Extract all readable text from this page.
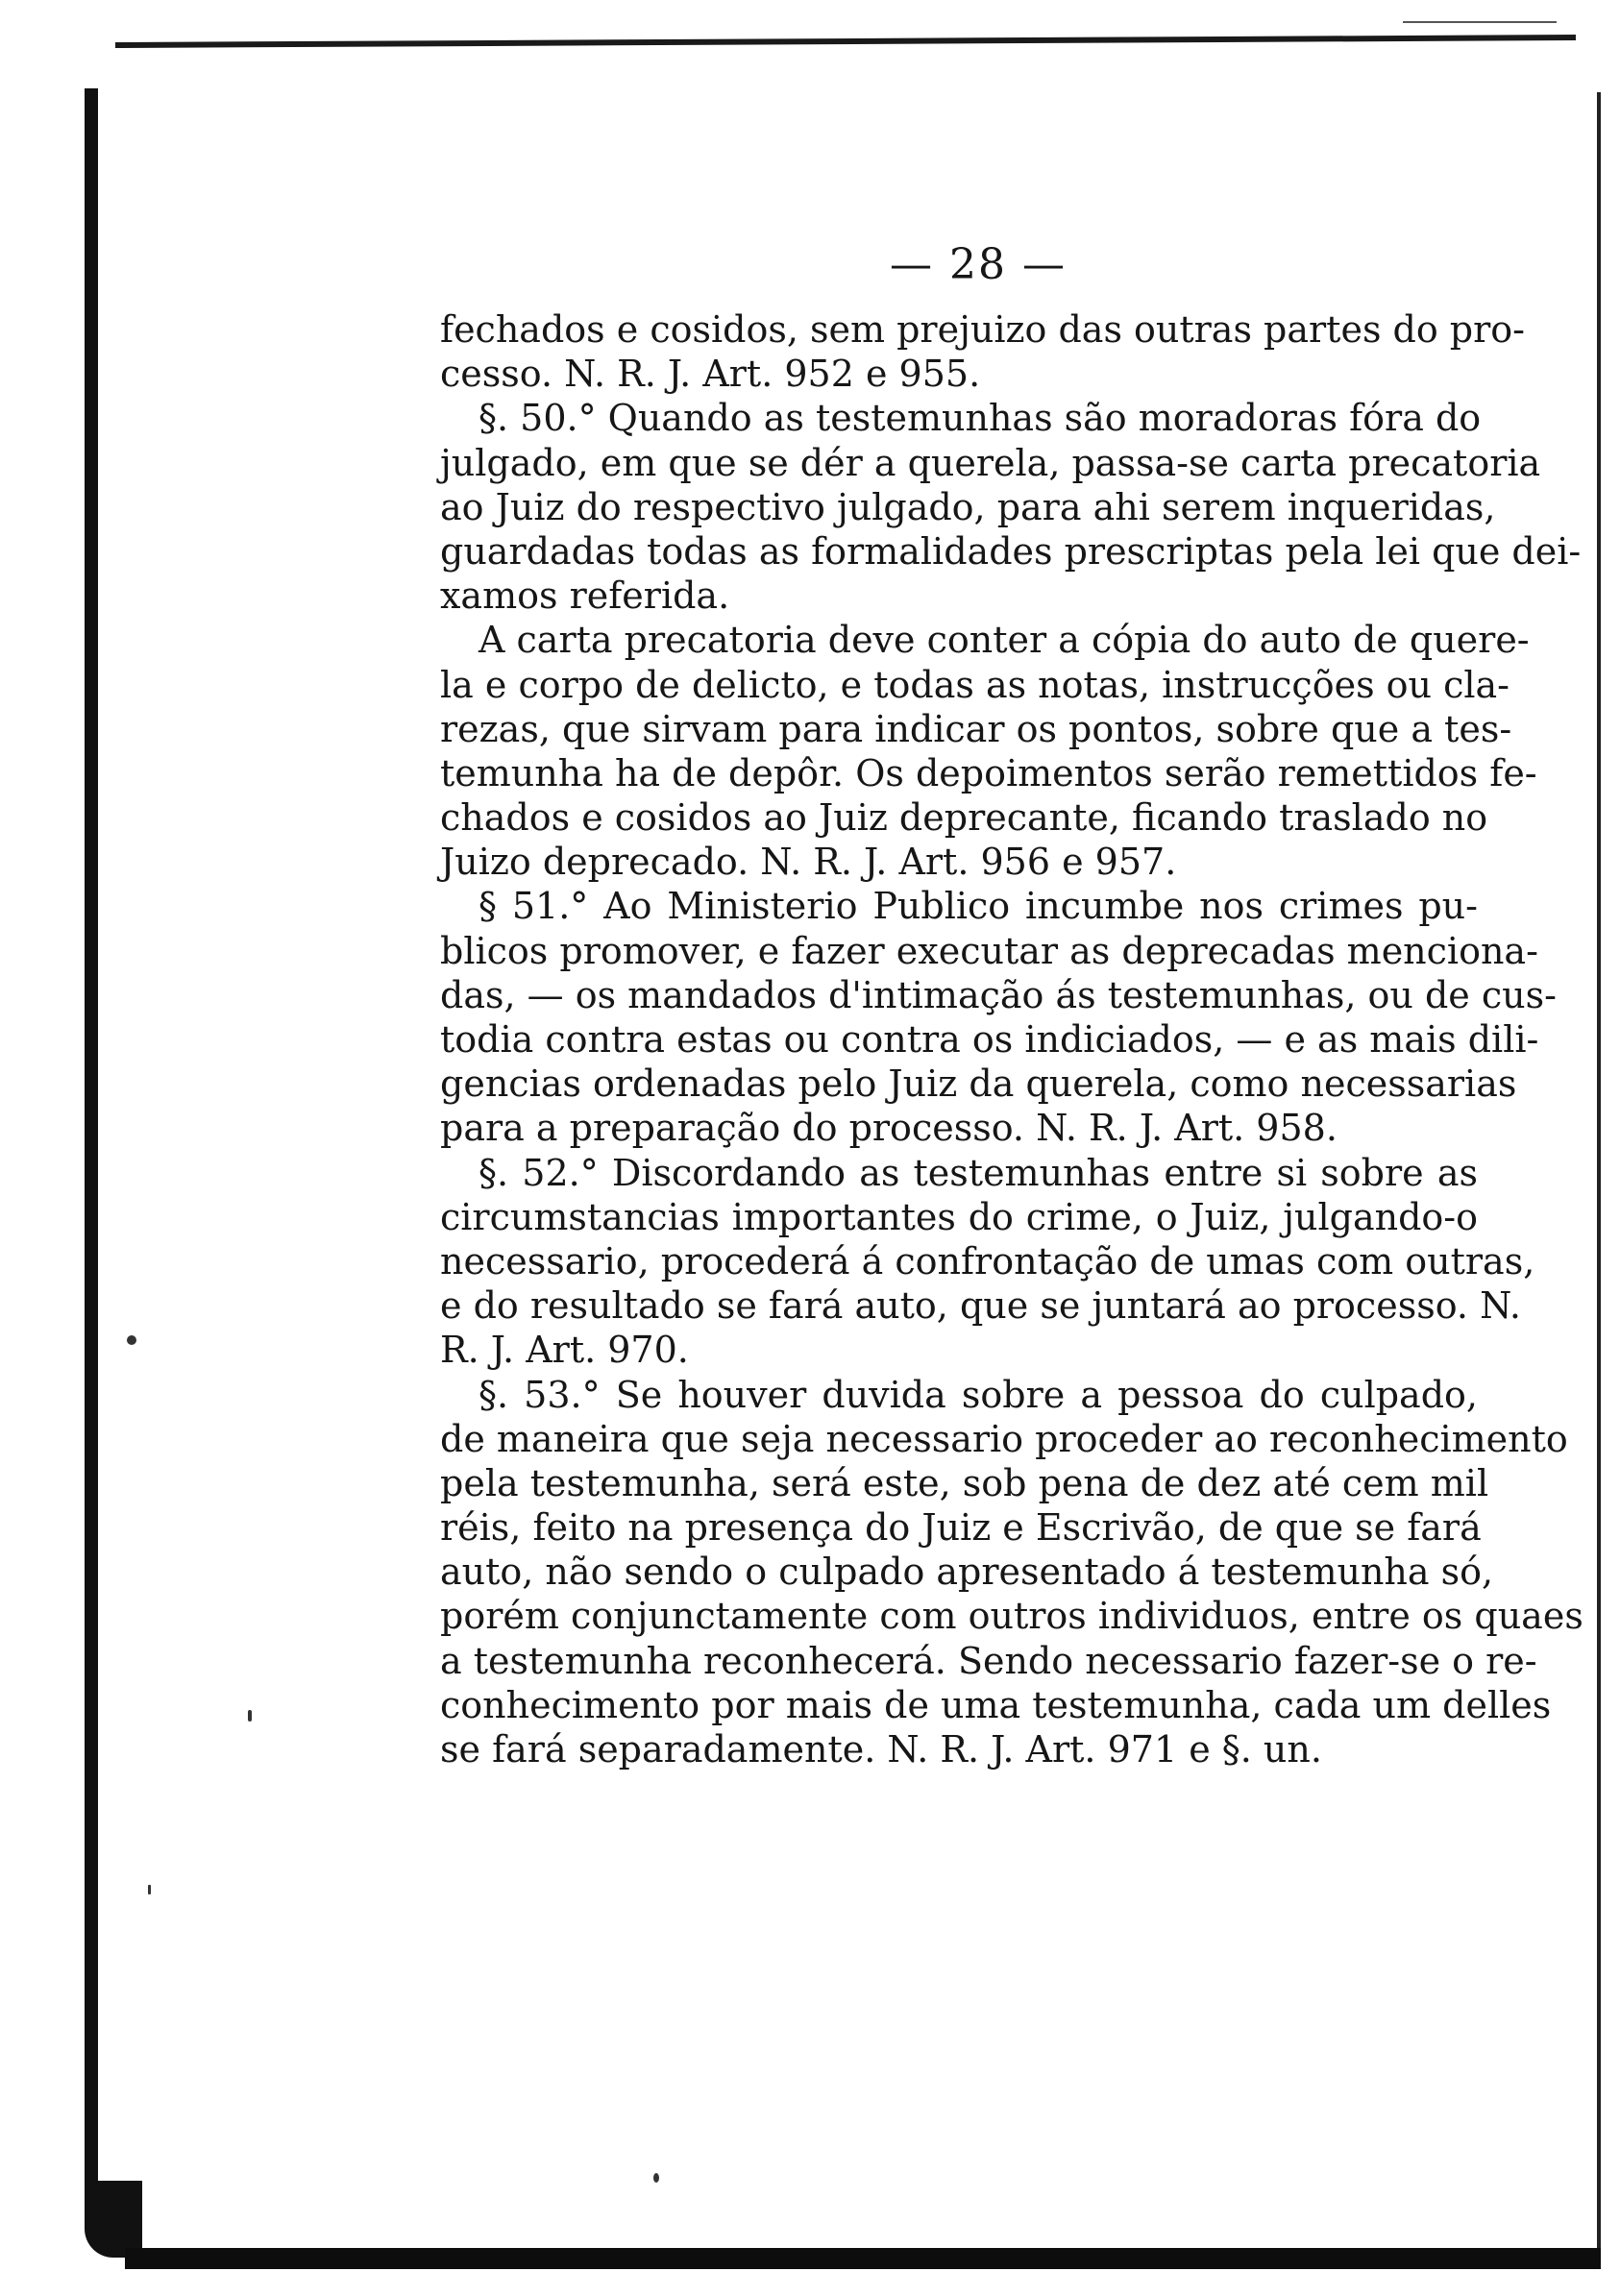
— 28 —
fechados e cosidos, sem prejuizo das outras partes do pro-
cesso. N. R. J. Art. 952 e 955.
§. 50.° Quando as testemunhas são moradoras fóra do
julgado, em que se dér a querela, passa-se carta precatoria
ao Juiz do respectivo julgado, para ahi serem inqueridas,
guardadas todas as formalidades prescriptas pela lei que dei-
xamos referida.
A carta precatoria deve conter a cópia do auto de quere-
la e corpo de delicto, e todas as notas, instrucções ou cla-
rezas, que sirvam para indicar os pontos, sobre que a tes-
temunha ha de depôr. Os depoimentos serão remettidos fe-
chados e cosidos ao Juiz deprecante, ficando traslado no
Juizo deprecado. N. R. J. Art. 956 e 957.
§ 51.° Ao Ministerio Publico incumbe nos crimes pu-
blicos promover, e fazer executar as deprecadas menciona-
das, — os mandados d'intimação ás testemunhas, ou de cus-
todia contra estas ou contra os indiciados, — e as mais dili-
gencias ordenadas pelo Juiz da querela, como necessarias
para a preparação do processo. N. R. J. Art. 958.
§. 52.° Discordando as testemunhas entre si sobre as
circumstancias importantes do crime, o Juiz, julgando-o
necessario, procederá á confrontação de umas com outras,
e do resultado se fará auto, que se juntará ao processo. N.
R. J. Art. 970.
§. 53.° Se houver duvida sobre a pessoa do culpado,
de maneira que seja necessario proceder ao reconhecimento
pela testemunha, será este, sob pena de dez até cem mil
réis, feito na presença do Juiz e Escrivão, de que se fará
auto, não sendo o culpado apresentado á testemunha só,
porém conjunctamente com outros individuos, entre os quaes
a testemunha reconhecerá. Sendo necessario fazer-se o re-
conhecimento por mais de uma testemunha, cada um delles
se fará separadamente. N. R. J. Art. 971 e §. un.
